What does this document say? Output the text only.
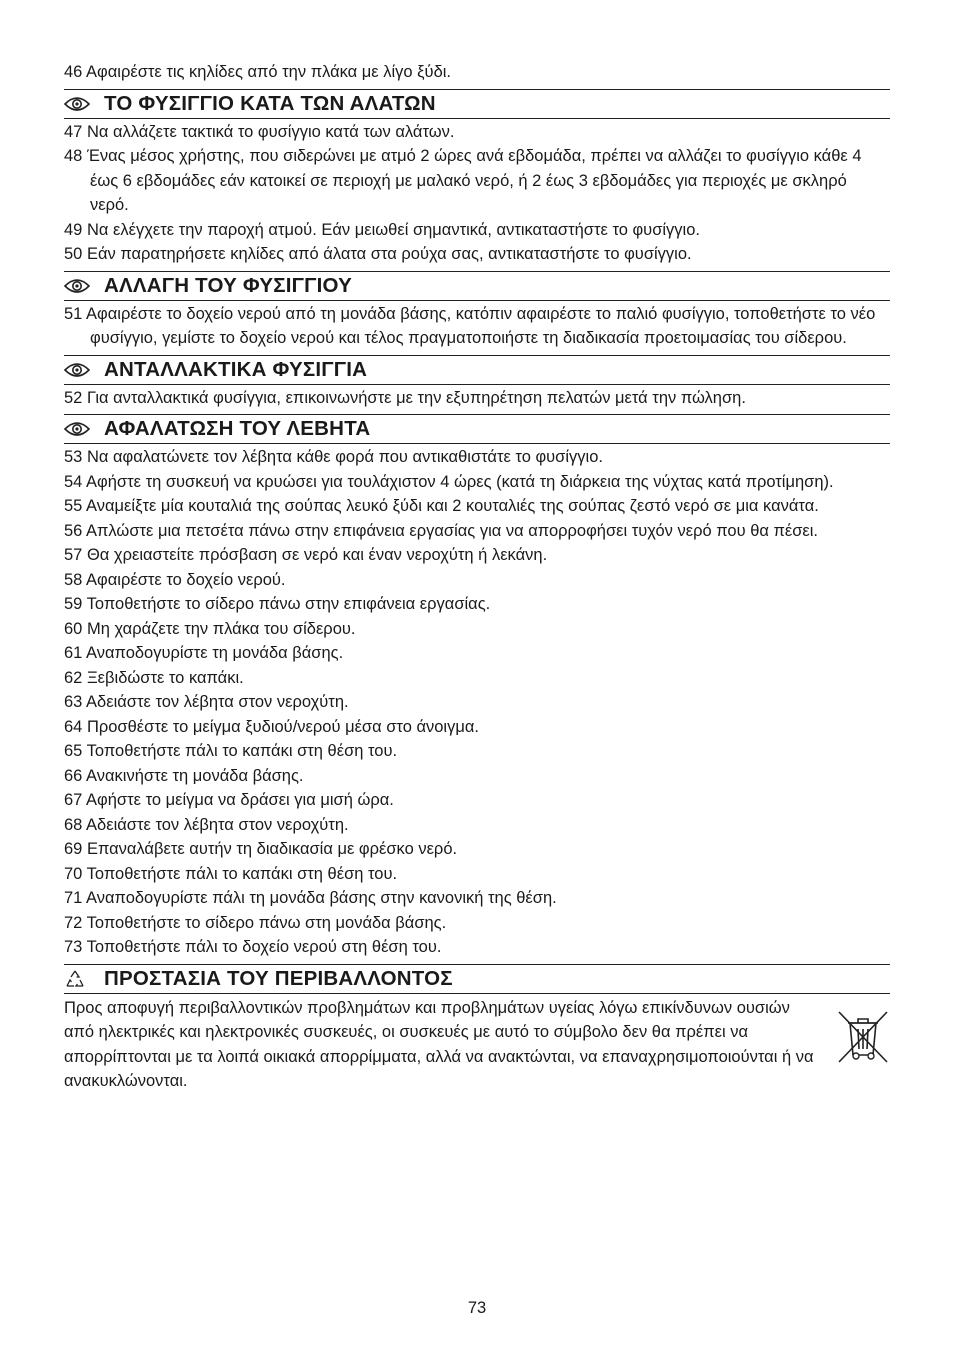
46 Αφαιρέστε τις κηλίδες από την πλάκα με λίγο ξύδι.
ΤΟ ΦΥΣΙΓΓΙΟ ΚΑΤΑ ΤΩΝ ΑΛΑΤΩΝ
47 Να αλλάζετε τακτικά το φυσίγγιο κατά των αλάτων.
48 Ένας μέσος χρήστης, που σιδερώνει με ατμό 2 ώρες ανά εβδομάδα, πρέπει να αλλάζει το φυσίγγιο κάθε 4 έως 6 εβδομάδες εάν κατοικεί σε περιοχή με μαλακό νερό, ή 2 έως 3 εβδομάδες για περιοχές με σκληρό νερό.
49 Να ελέγχετε την παροχή ατμού. Εάν μειωθεί σημαντικά, αντικαταστήστε το φυσίγγιο.
50 Εάν παρατηρήσετε κηλίδες από άλατα στα ρούχα σας, αντικαταστήστε το φυσίγγιο.
ΑΛΛΑΓΗ ΤΟΥ ΦΥΣΙΓΓΙΟΥ
51 Αφαιρέστε το δοχείο νερού από τη μονάδα βάσης, κατόπιν αφαιρέστε το παλιό φυσίγγιο, τοποθετήστε το νέο φυσίγγιο, γεμίστε το δοχείο νερού και τέλος πραγματοποιήστε τη διαδικασία προετοιμασίας του σίδερου.
ΑΝΤΑΛΛΑΚΤΙΚΑ ΦΥΣΙΓΓΙΑ
52 Για ανταλλακτικά φυσίγγια, επικοινωνήστε με την εξυπηρέτηση πελατών μετά την πώληση.
ΑΦΑΛΑΤΩΣΗ ΤΟΥ ΛΕΒΗΤΑ
53 Να αφαλατώνετε τον λέβητα κάθε φορά που αντικαθιστάτε το φυσίγγιο.
54 Αφήστε τη συσκευή να κρυώσει για τουλάχιστον 4 ώρες (κατά τη διάρκεια της νύχτας κατά προτίμηση).
55 Αναμείξτε μία κουταλιά της σούπας λευκό ξύδι και 2 κουταλιές της σούπας ζεστό νερό σε μια κανάτα.
56 Απλώστε μια πετσέτα πάνω στην επιφάνεια εργασίας για να απορροφήσει τυχόν νερό που θα πέσει.
57 Θα χρειαστείτε πρόσβαση σε νερό και έναν νεροχύτη ή λεκάνη.
58 Αφαιρέστε το δοχείο νερού.
59 Τοποθετήστε το σίδερο πάνω στην επιφάνεια εργασίας.
60 Μη χαράζετε την πλάκα του σίδερου.
61 Αναποδογυρίστε τη μονάδα βάσης.
62 Ξεβιδώστε το καπάκι.
63 Αδειάστε τον λέβητα στον νεροχύτη.
64 Προσθέστε το μείγμα ξυδιού/νερού μέσα στο άνοιγμα.
65 Τοποθετήστε πάλι το καπάκι στη θέση του.
66 Ανακινήστε τη μονάδα βάσης.
67 Αφήστε το μείγμα να δράσει για μισή ώρα.
68 Αδειάστε τον λέβητα στον νεροχύτη.
69 Επαναλάβετε αυτήν τη διαδικασία με φρέσκο νερό.
70 Τοποθετήστε πάλι το καπάκι στη θέση του.
71 Αναποδογυρίστε πάλι τη μονάδα βάσης στην κανονική της θέση.
72 Τοποθετήστε το σίδερο πάνω στη μονάδα βάσης.
73 Τοποθετήστε πάλι το δοχείο νερού στη θέση του.
ΠΡΟΣΤΑΣΙΑ ΤΟΥ ΠΕΡΙΒΑΛΛΟΝΤΟΣ
Προς αποφυγή περιβαλλοντικών προβλημάτων και προβλημάτων υγείας λόγω επικίνδυνων ουσιών από ηλεκτρικές και ηλεκτρονικές συσκευές, οι συσκευές με αυτό το σύμβολο δεν θα πρέπει να απορρίπτονται με τα λοιπά οικιακά απορρίμματα, αλλά να ανακτώνται, να επαναχρησιμοποιούνται ή να ανακυκλώνονται.
73
